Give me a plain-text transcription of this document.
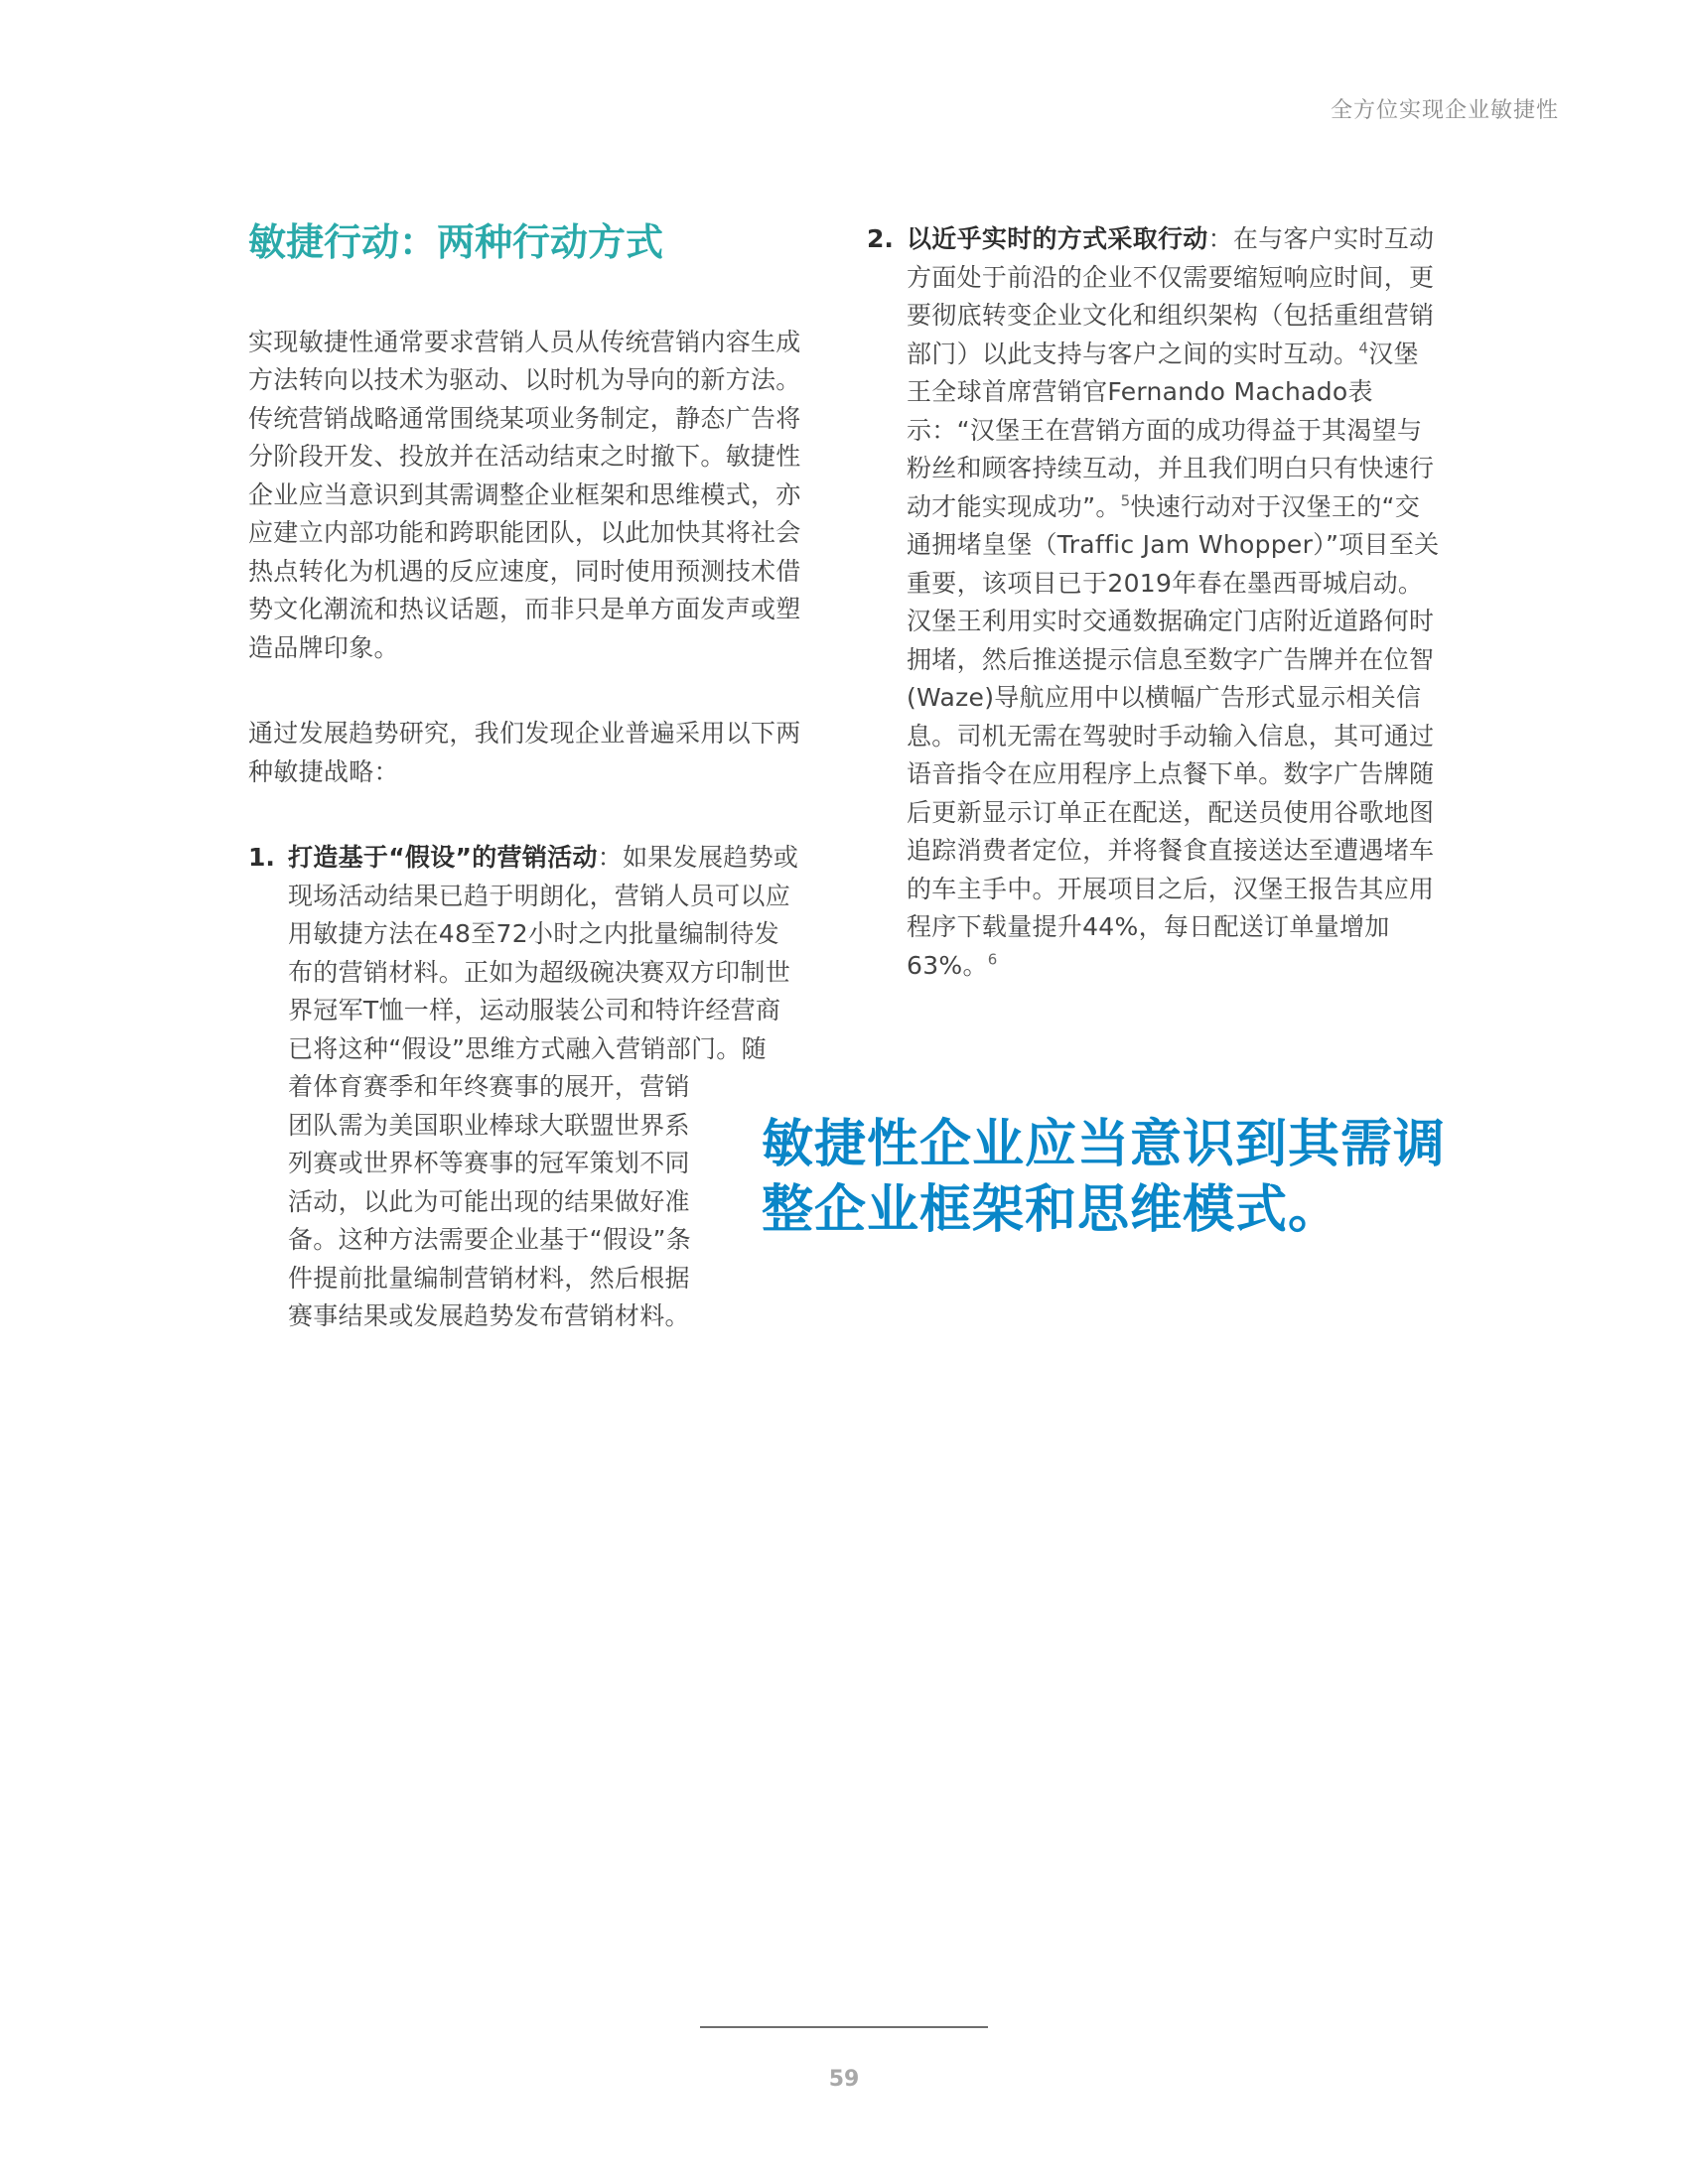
全方位实现企业敏捷性
敏捷行动：两种行动方式

实现敏捷性通常要求营销人员从传统营销内容生成方法转向以技术为驱动、以时机为导向的新方法。传统营销战略通常围绕某项业务制定，静态广告将分阶段开发、投放并在活动结束之时撤下。敏捷性企业应当意识到其需调整企业框架和思维模式，亦应建立内部功能和跨职能团队，以此加快其将社会热点转化为机遇的反应速度，同时使用预测技术借势文化潮流和热议话题，而非只是单方面发声或塑造品牌印象。

通过发展趋势研究，我们发现企业普遍采用以下两种敏捷战略：

1. 打造基于“假设”的营销活动：如果发展趋势或现场活动结果已趋于明朗化，营销人员可以应用敏捷方法在48至72小时之内批量编制待发布的营销材料。正如为超级碗决赛双方印制世界冠军T恤一样，运动服装公司和特许经营商已将这种“假设”思维方式融入营销部门。随
着体育赛季和年终赛事的展开，营销团队需为美国职业棒球大联盟世界系列赛或世界杯等赛事的冠军策划不同活动，以此为可能出现的结果做好准备。这种方法需要企业基于“假设”条件提前批量编制营销材料，然后根据赛事结果或发展趋势发布营销材料。
2. 以近乎实时的方式采取行动：在与客户实时互动方面处于前沿的企业不仅需要缩短响应时间，更要彻底转变企业文化和组织架构（包括重组营销部门）以此支持与客户之间的实时互动。$^4$汉堡王全球首席营销官Fernando Machado表示：“汉堡王在营销方面的成功得益于其渴望与粉丝和顾客持续互动，并且我们明白只有快速行动才能实现成功”。$^5$快速行动对于汉堡王的“交通拥堵皇堡（Traffic Jam Whopper）”项目至关重要，该项目已于2019年春在墨西哥城启动。汉堡王利用实时交通数据确定门店附近道路何时拥堵，然后推送提示信息至数字广告牌并在位智(Waze)导航应用中以横幅广告形式显示相关信息。司机无需在驾驶时手动输入信息，其可通过语音指令在应用程序上点餐下单。数字广告牌随后更新显示订单正在配送，配送员使用谷歌地图追踪消费者定位，并将餐食直接送达至遭遇堵车的车主手中。开展项目之后，汉堡王报告其应用程序下载量提升44%，每日配送订单量增加63%。$^6$
敏捷性企业应当意识到其需调整企业框架和思维模式。
59
